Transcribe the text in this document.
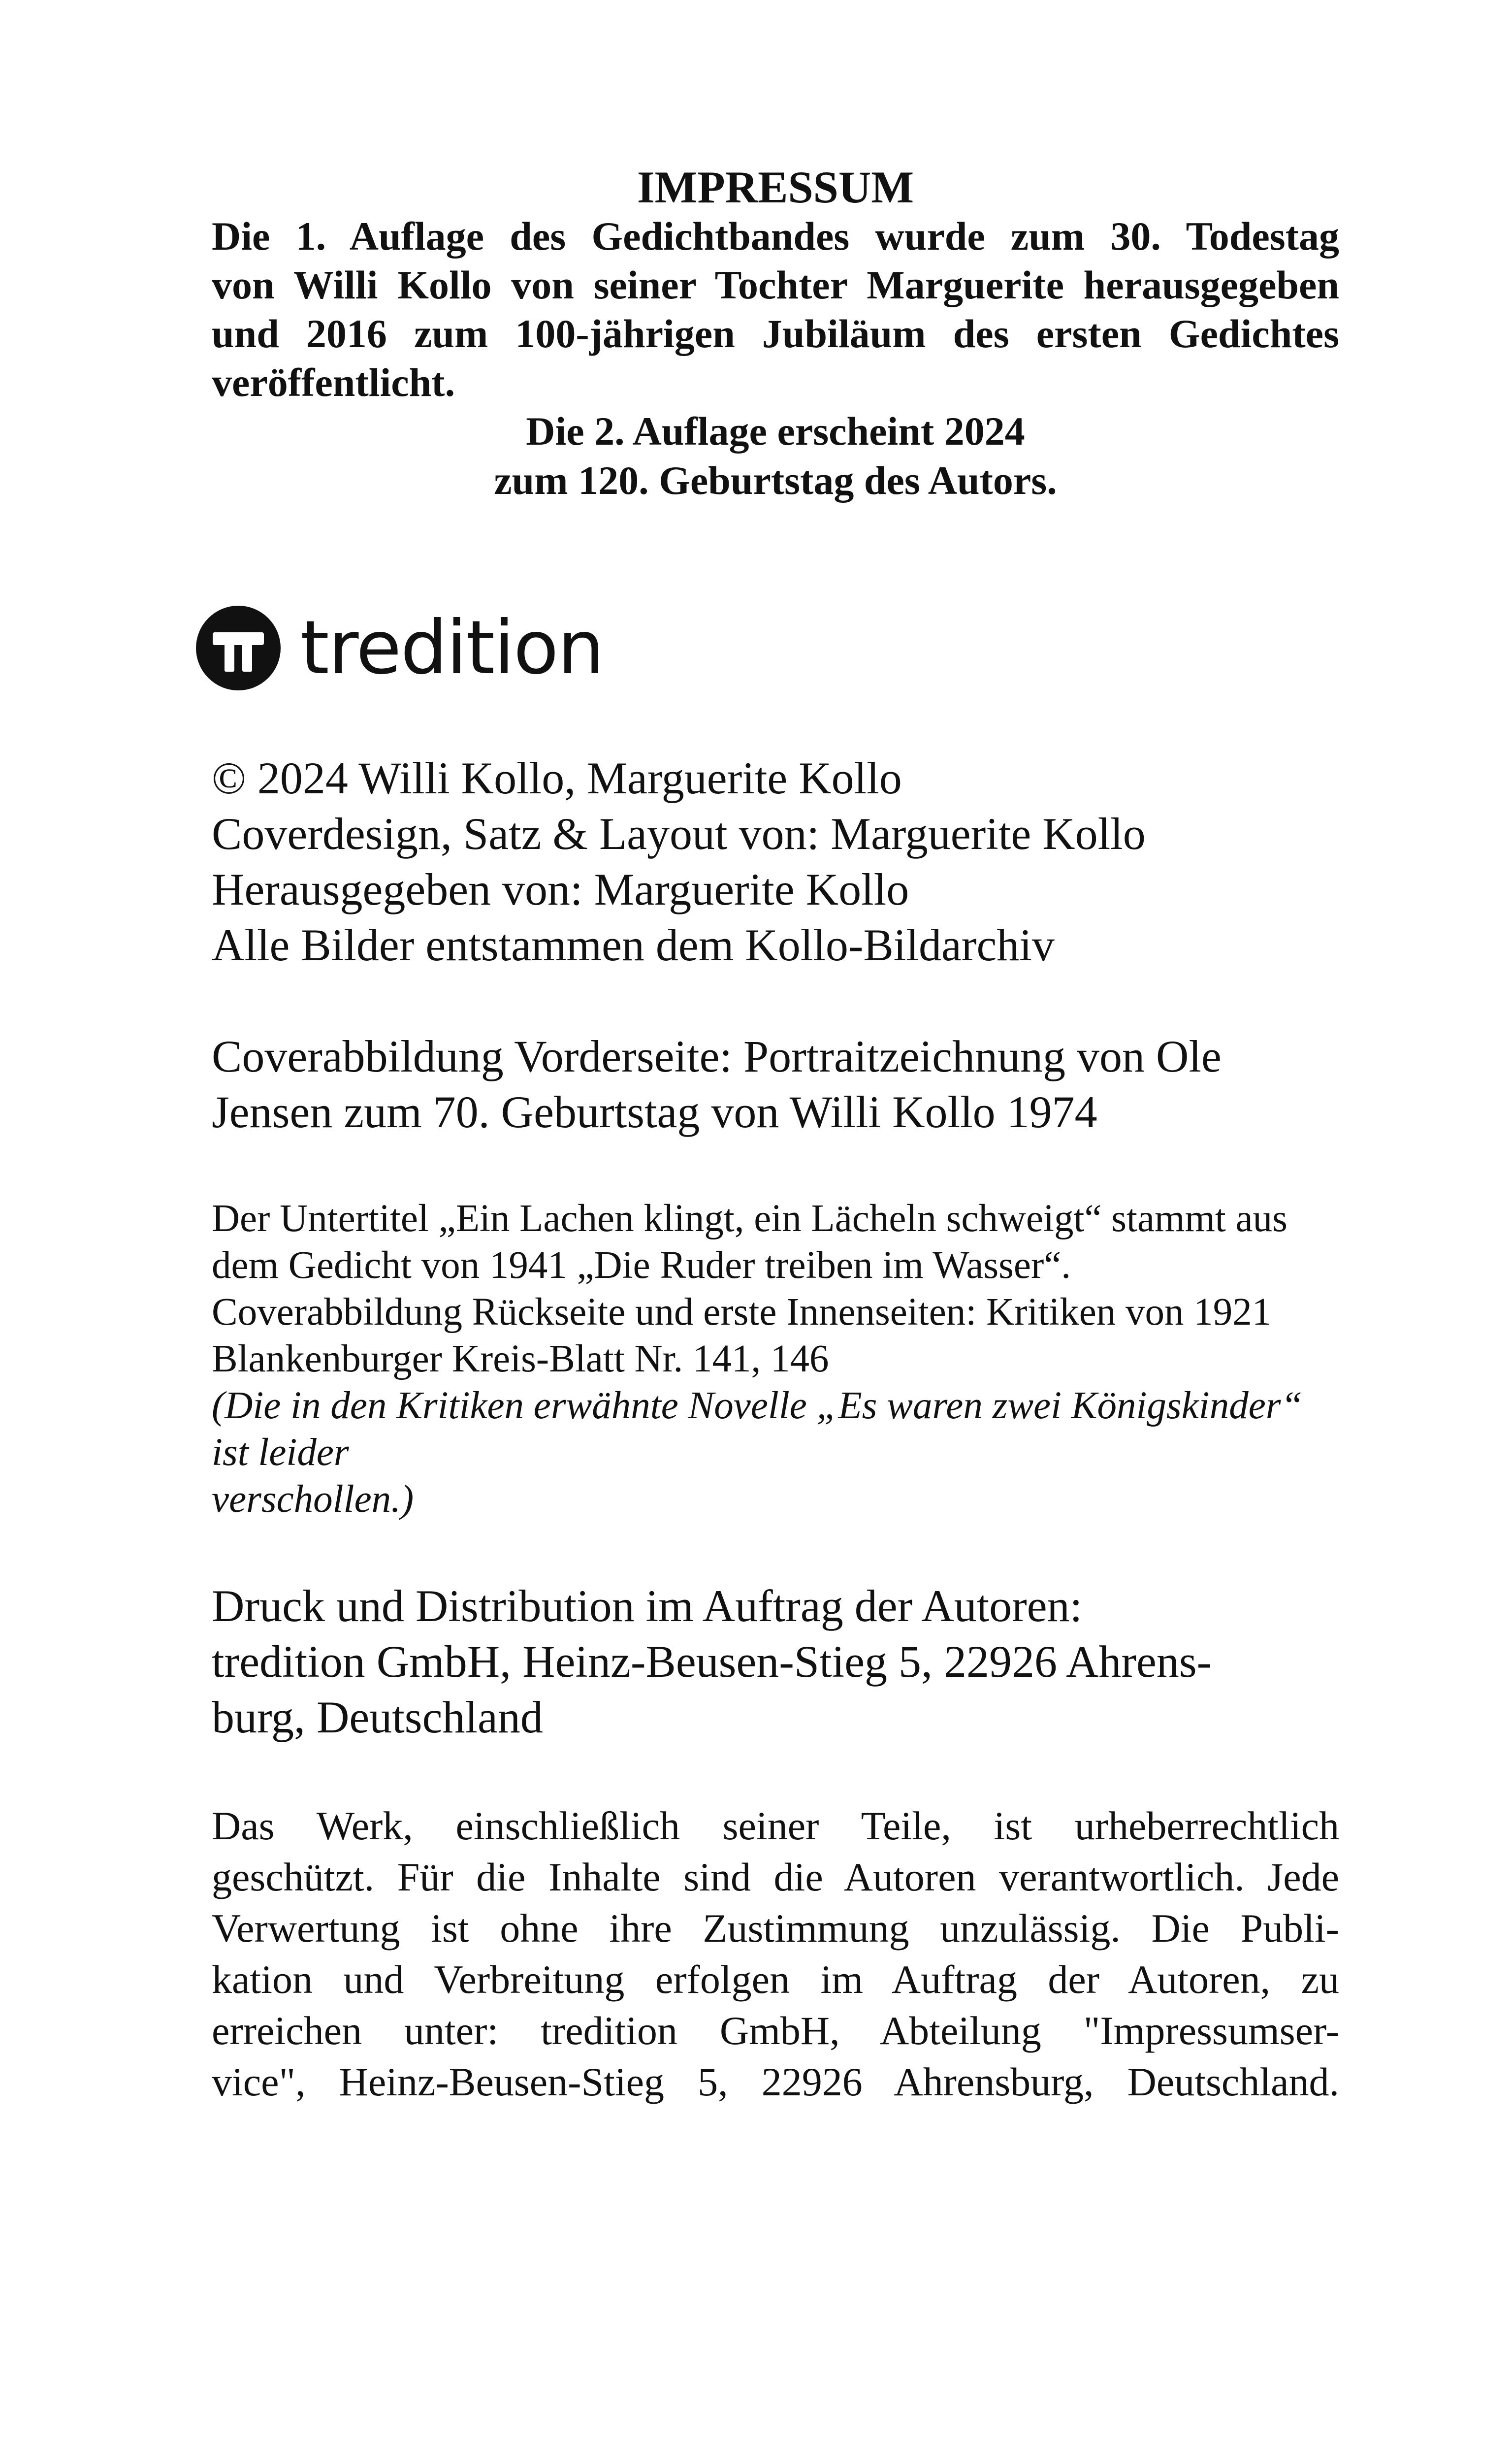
IMPRESSUM

Die 1. Auflage des Gedichtbandes wurde zum 30. Todestag
von Willi Kollo von seiner Tochter Marguerite herausgegeben
und 2016 zum 100-jährigen Jubiläum des ersten Gedichtes
veröffentlicht.

Die 2. Auflage erscheint 2024
zum 120. Geburtstag des Autors.

tredition

© 2024 Willi Kollo, Marguerite Kollo
Coverdesign, Satz & Layout von: Marguerite Kollo
Herausgegeben von: Marguerite Kollo
Alle Bilder entstammen dem Kollo-Bildarchiv

Coverabbildung Vorderseite: Portraitzeichnung von Ole
Jensen zum 70. Geburtstag von Willi Kollo 1974

Der Untertitel „Ein Lachen klingt, ein Lächeln schweigt“ stammt aus
dem Gedicht von 1941 „Die Ruder treiben im Wasser“.
Coverabbildung Rückseite und erste Innenseiten: Kritiken von 1921
Blankenburger Kreis-Blatt Nr. 141, 146
(Die in den Kritiken erwähnte Novelle „Es waren zwei Königskinder“ ist leider
verschollen.)

Druck und Distribution im Auftrag der Autoren:
tredition GmbH, Heinz-Beusen-Stieg 5, 22926 Ahrens-
burg, Deutschland

Das Werk, einschließlich seiner Teile, ist urheberrechtlich
geschützt. Für die Inhalte sind die Autoren verantwortlich. Jede
Verwertung ist ohne ihre Zustimmung unzulässig. Die Publi-
kation und Verbreitung erfolgen im Auftrag der Autoren, zu
erreichen unter: tredition GmbH, Abteilung "Impressumser-
vice", Heinz-Beusen-Stieg 5, 22926 Ahrensburg, Deutschland.
